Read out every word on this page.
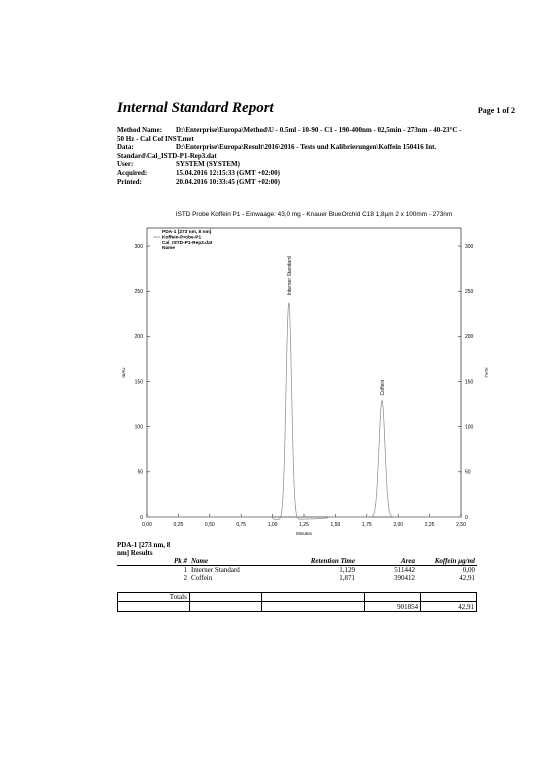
Internal Standard Report	Page 1 of 2
Method Name: D:\Enterprise\Europa\Method\U - 0.5ml - 10-90 - C1 - 190-400nm - 02,5min - 273nm - 40-23°C -
50 Hz - Cal Cof INST.met
Data:	D:\Enterprise\Europa\Result\2016\2016 - Tests und Kalibrierungen\Koffein 150416 Int.
Standard\Cal_ISTD-P1-Rep3.dat
User:	SYSTEM (SYSTEM)
Acquired:	15.04.2016 12:15:33 (GMT +02:00)
Printed:	20.04.2016 10:33:45 (GMT +02:00)
ISTD Probe Koffein P1 - Einwaage: 43,0 mg - Knauer BlueOrchid C18 1,8µm 2 x 100mm - 273nm
0	0
50	50
100	100
150	150
200	200
250	250
300	300
0,00	0,25	0,50	0,75	1,00	1,25	1,50	1,75	2,00	2,25	2,50
Minutes
mAU	mAU
PDA-1 [273 nm, 8 nm]
Koffein-Probe-P1
Cal_ISTD-P1-Rep3.dat
Name
Interner Standard
Coffein
PDA-1 [273 nm, 8
nm] Results
Pk #	Name	Retention Time	Area	Koffein µg/ml
1	Interner Standard	1,129	511442	0,00
2	Coffein	1,871	390412	42,91
Totals				
			901854	42,91
